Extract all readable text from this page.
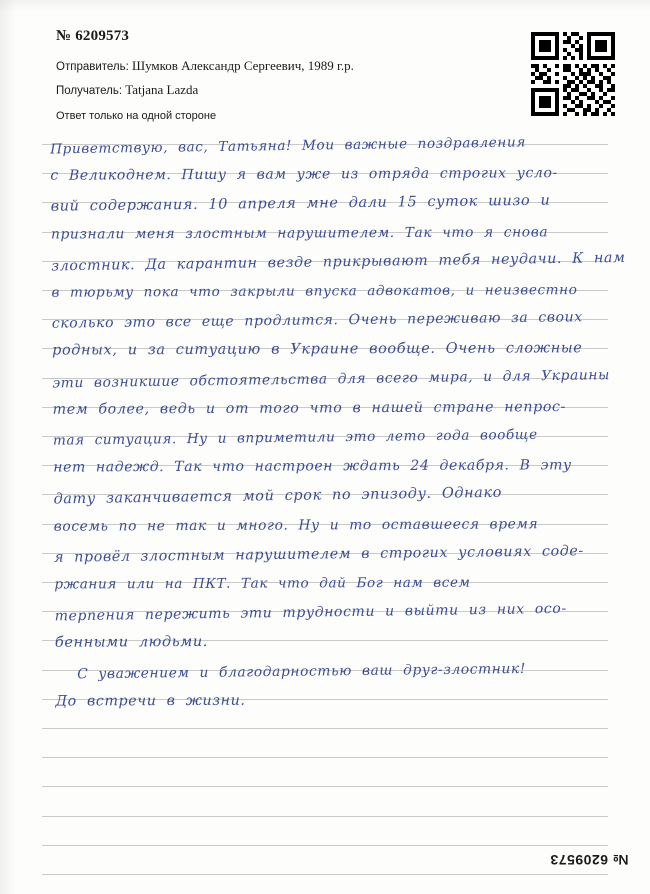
№ 6209573
Отправитель: Шумков Александр Сергеевич, 1989 г.р.
Получатель: Tatjana Lazda
Ответ только на одной стороне
Приветствую, вас, Татьяна! Мои важные поздравления
с Великоднем. Пишу я вам уже из отряда строгих усло-
вий содержания. 10 апреля мне дали 15 суток шизо и
признали меня злостным нарушителем. Так что я снова
злостник. Да карантин везде прикрывают тебя неудачи. К нам
в тюрьму пока что закрыли впуска адвокатов, и неизвестно
сколько это все еще продлится. Очень переживаю за своих
родных, и за ситуацию в Украине вообще. Очень сложные
эти возникшие обстоятельства для всего мира, и для Украины
тем более, ведь и от того что в нашей стране непрос-
тая ситуация. Ну и вприметили это лето года вообще
нет надежд. Так что настроен ждать 24 декабря. В эту
дату заканчивается мой срок по эпизоду. Однако
восемь по не так и много. Ну и то оставшееся время
я провёл злостным нарушителем в строгих условиях соде-
ржания или на ПКТ. Так что дай Бог нам всем
терпения пережить эти трудности и выйти из них осо-
бенными людьми.
С уважением и благодарностью ваш друг-злостник!
До встречи в жизни.
№ 6209573
